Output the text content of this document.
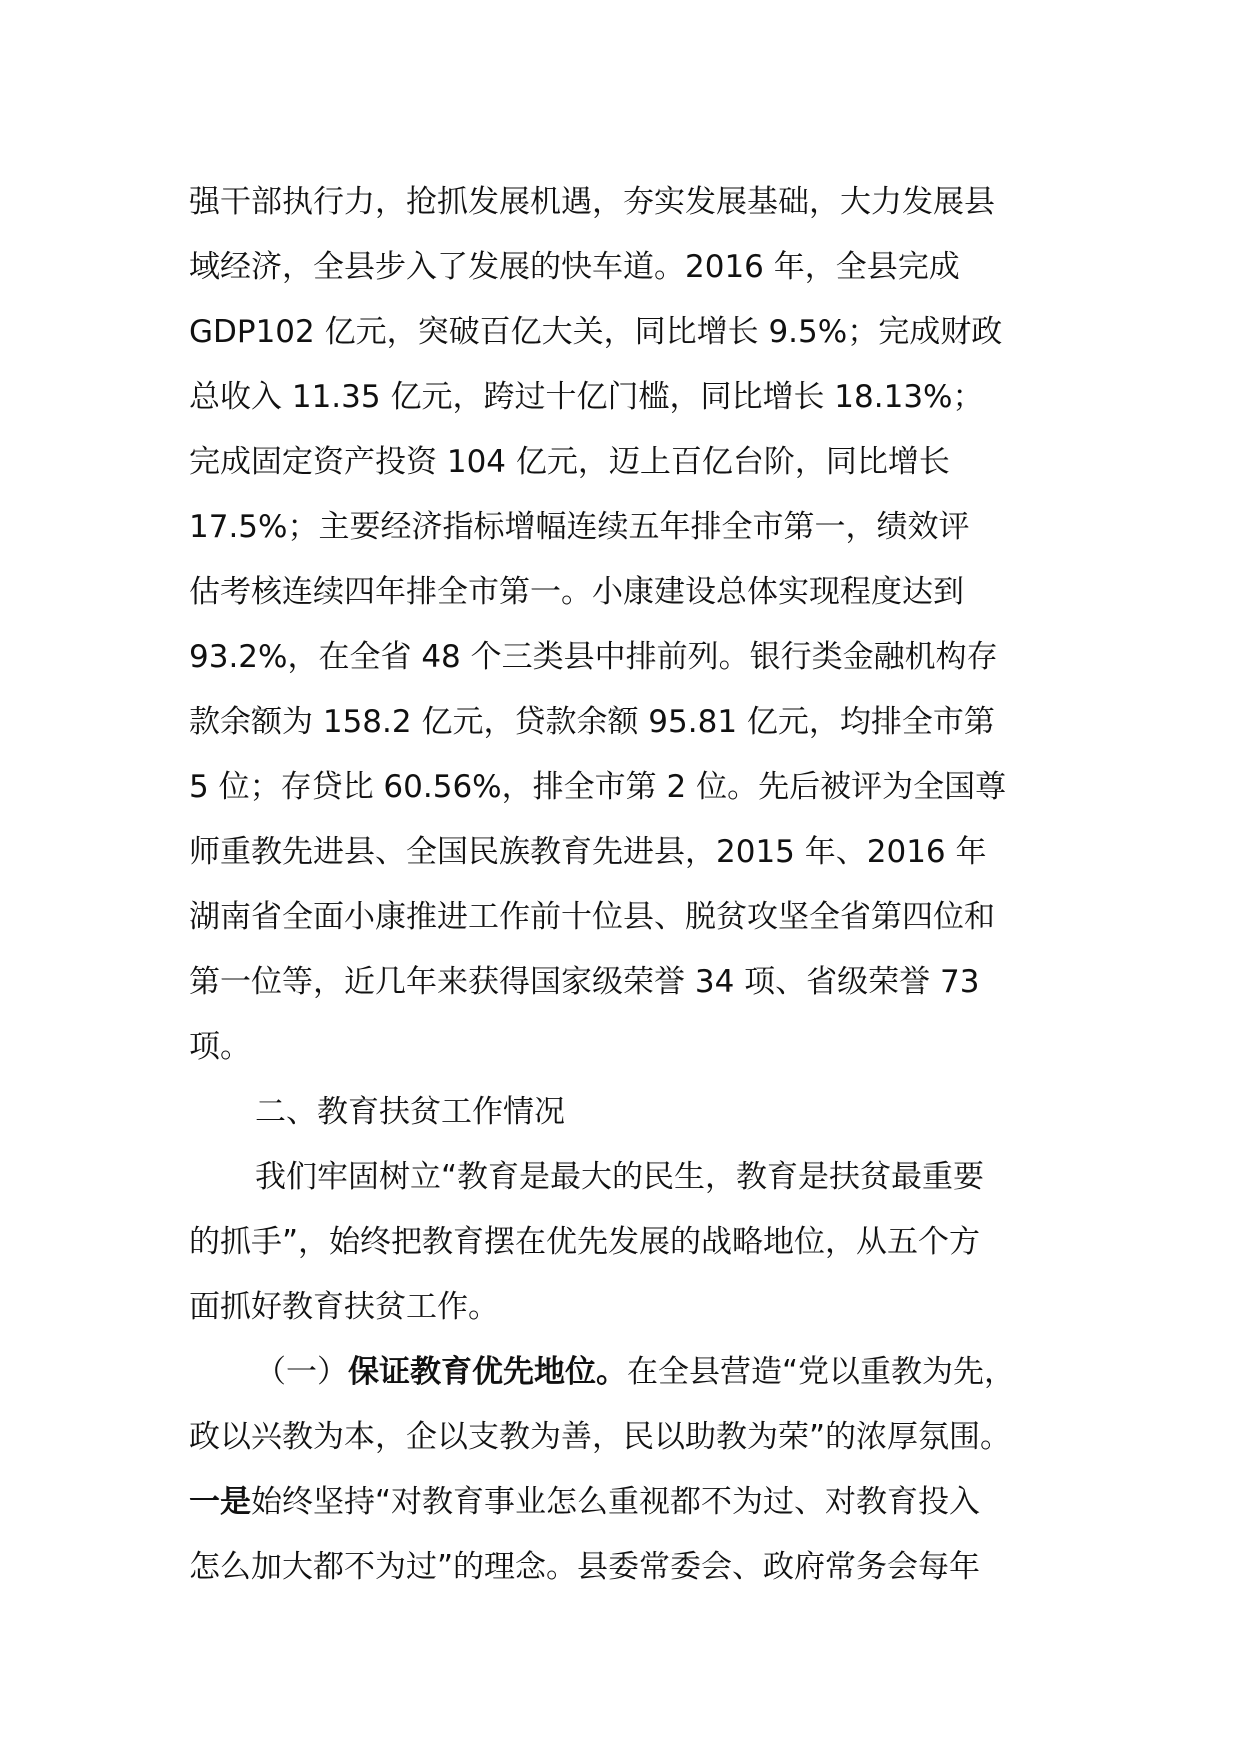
强干部执行力，抢抓发展机遇，夯实发展基础，大力发展县
域经济，全县步入了发展的快车道。2016 年，全县完成
GDP102 亿元，突破百亿大关，同比增长 9.5%；完成财政
总收入 11.35 亿元，跨过十亿门槛，同比增长 18.13%；
完成固定资产投资 104 亿元，迈上百亿台阶，同比增长
17.5%；主要经济指标增幅连续五年排全市第一，绩效评
估考核连续四年排全市第一。小康建设总体实现程度达到
93.2%，在全省 48 个三类县中排前列。银行类金融机构存
款余额为 158.2 亿元，贷款余额 95.81 亿元，均排全市第
5 位；存贷比 60.56%，排全市第 2 位。先后被评为全国尊
师重教先进县、全国民族教育先进县，2015 年、2016 年
湖南省全面小康推进工作前十位县、脱贫攻坚全省第四位和
第一位等，近几年来获得国家级荣誉 34 项、省级荣誉 73
项。
二、教育扶贫工作情况
我们牢固树立“教育是最大的民生，教育是扶贫最重要
的抓手”，始终把教育摆在优先发展的战略地位，从五个方
面抓好教育扶贫工作。
（一）保证教育优先地位。在全县营造“党以重教为先，
政以兴教为本，企以支教为善，民以助教为荣”的浓厚氛围。
一是始终坚持“对教育事业怎么重视都不为过、对教育投入
怎么加大都不为过”的理念。县委常委会、政府常务会每年
